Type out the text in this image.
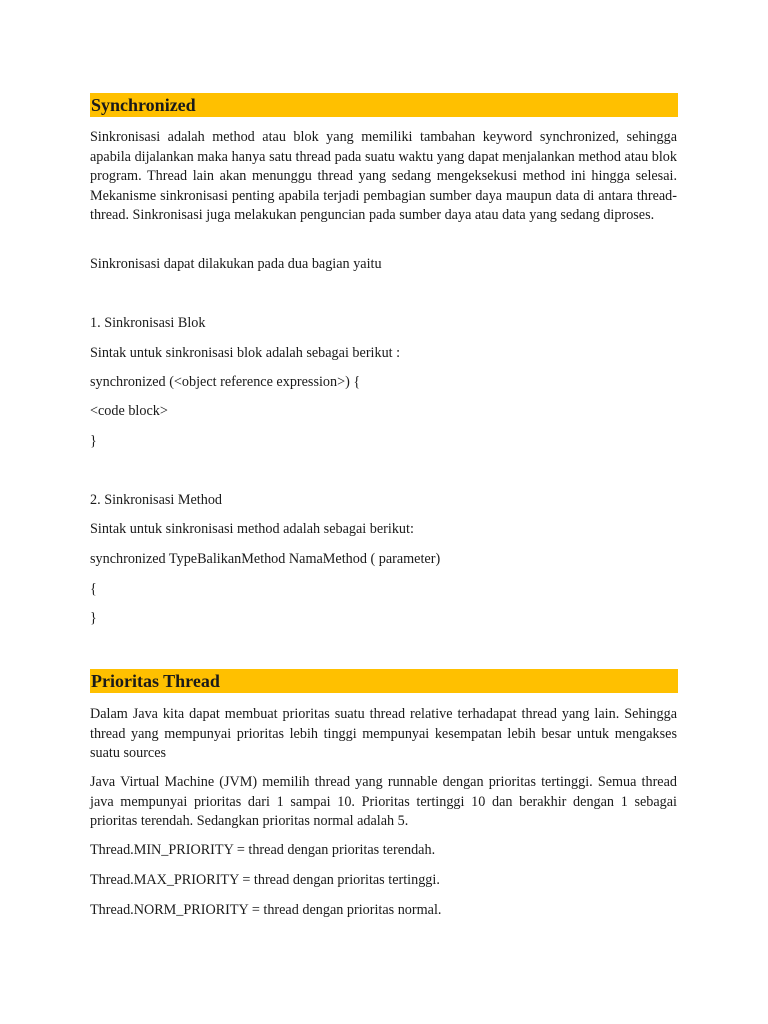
Synchronized

Sinkronisasi adalah method atau blok yang memiliki tambahan keyword synchronized, sehingga apabila dijalankan maka hanya satu thread pada suatu waktu yang dapat menjalankan method atau blok program. Thread lain akan menunggu thread yang sedang mengeksekusi method ini hingga selesai. Mekanisme sinkronisasi penting apabila terjadi pembagian sumber daya maupun data di antara thread-thread. Sinkronisasi juga melakukan penguncian pada sumber daya atau data yang sedang diproses.

Sinkronisasi dapat dilakukan pada dua bagian yaitu

1. Sinkronisasi Blok

Sintak untuk sinkronisasi blok adalah sebagai berikut :

synchronized (<object reference expression>) {

<code block>

}

2. Sinkronisasi Method

Sintak untuk sinkronisasi method adalah sebagai berikut:

synchronized TypeBalikanMethod NamaMethod ( parameter)

{

}

Prioritas Thread

Dalam Java kita dapat membuat prioritas suatu thread relative terhadapat thread yang lain. Sehingga thread yang mempunyai prioritas lebih tinggi mempunyai kesempatan lebih besar untuk mengakses suatu sources

Java Virtual Machine (JVM) memilih thread yang runnable dengan prioritas tertinggi. Semua thread java mempunyai prioritas dari 1 sampai 10. Prioritas tertinggi 10 dan berakhir dengan 1 sebagai prioritas terendah. Sedangkan prioritas normal adalah 5.

Thread.MIN_PRIORITY = thread dengan prioritas terendah.

Thread.MAX_PRIORITY = thread dengan prioritas tertinggi.

Thread.NORM_PRIORITY = thread dengan prioritas normal.
